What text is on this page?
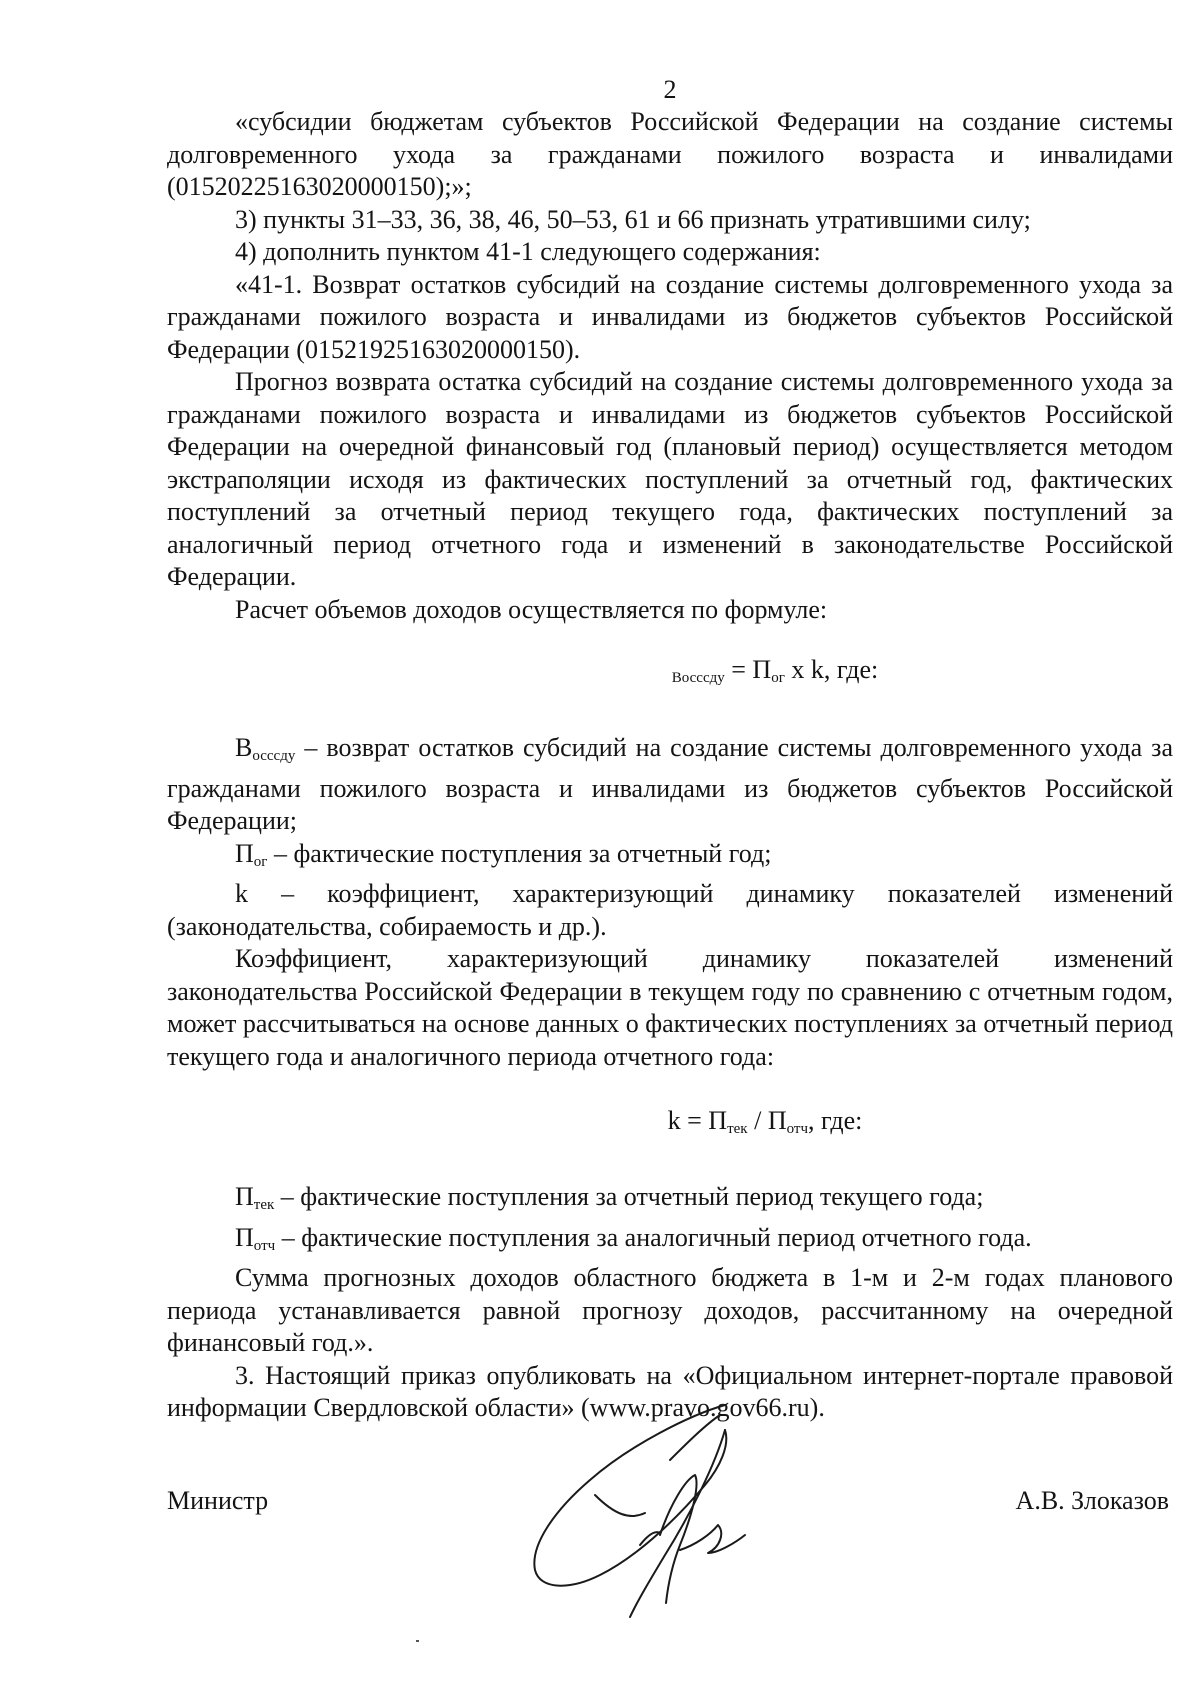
2

«субсидии бюджетам субъектов Российской Федерации на создание системы долговременного ухода за гражданами пожилого возраста и инвалидами (01520225163020000150);»;

3) пункты 31–33, 36, 38, 46, 50–53, 61 и 66 признать утратившими силу;

4) дополнить пунктом 41-1 следующего содержания:

«41-1. Возврат остатков субсидий на создание системы долговременного ухода за гражданами пожилого возраста и инвалидами из бюджетов субъектов Российской Федерации (01521925163020000150).

Прогноз возврата остатка субсидий на создание системы долговременного ухода за гражданами пожилого возраста и инвалидами из бюджетов субъектов Российской Федерации на очередной финансовый год (плановый период) осуществляется методом экстраполяции исходя из фактических поступлений за отчетный год, фактических поступлений за отчетный период текущего года, фактических поступлений за аналогичный период отчетного года и изменений в законодательстве Российской Федерации.

Расчет объемов доходов осуществляется по формуле:

$_{Воссcду} = П_{ог}$ x k, где:

$В_{оссcду}$ – возврат остатков субсидий на создание системы долговременного ухода за гражданами пожилого возраста и инвалидами из бюджетов субъектов Российской Федерации;

$П_{ог}$ – фактические поступления за отчетный год;

k – коэффициент, характеризующий динамику показателей изменений (законодательства, собираемость и др.).

Коэффициент, характеризующий динамику показателей изменений законодательства Российской Федерации в текущем году по сравнению с отчетным годом, может рассчитываться на основе данных о фактических поступлениях за отчетный период текущего года и аналогичного периода отчетного года:

$k = П_{тек} / П_{отч}$, где:

$П_{тек}$ – фактические поступления за отчетный период текущего года;

$П_{отч}$ – фактические поступления за аналогичный период отчетного года.

Сумма прогнозных доходов областного бюджета в 1-м и 2-м годах планового периода устанавливается равной прогнозу доходов, рассчитанному на очередной финансовый год.».

3. Настоящий приказ опубликовать на «Официальном интернет-портале правовой информации Свердловской области» (www.pravo.gov66.ru).

Министр	А.В. Злоказов
